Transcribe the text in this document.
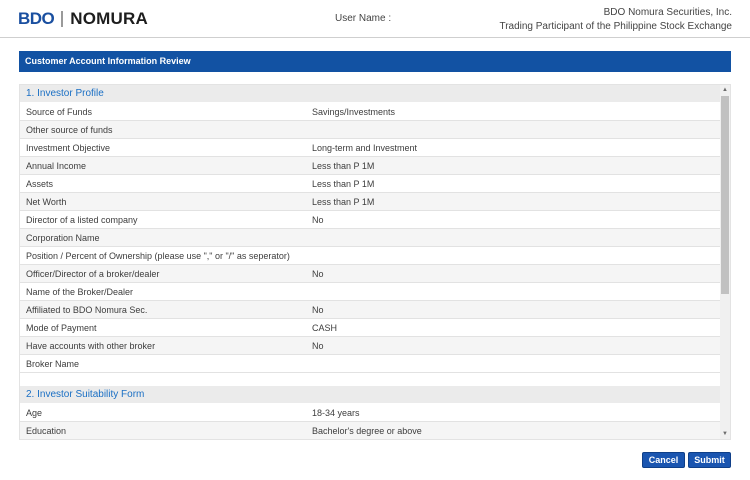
BDO NOMURA	User Name :
BDO Nomura Securities, Inc.
Trading Participant of the Philippine Stock Exchange
Customer Account Information Review
1. Investor Profile
Source of Funds	Savings/Investments
Other source of funds
Investment Objective	Long-term and Investment
Annual Income	Less than P 1M
Assets	Less than P 1M
Net Worth	Less than P 1M
Director of a listed company	No
Corporation Name
Position / Percent of Ownership (please use "," or "/" as seperator)
Officer/Director of a broker/dealer	No
Name of the Broker/Dealer
Affiliated to BDO Nomura Sec.	No
Mode of Payment	CASH
Have accounts with other broker	No
Broker Name
2. Investor Suitability Form
Age	18-34 years
Education	Bachelor's degree or above
▲
▼
Cancel	Submit
